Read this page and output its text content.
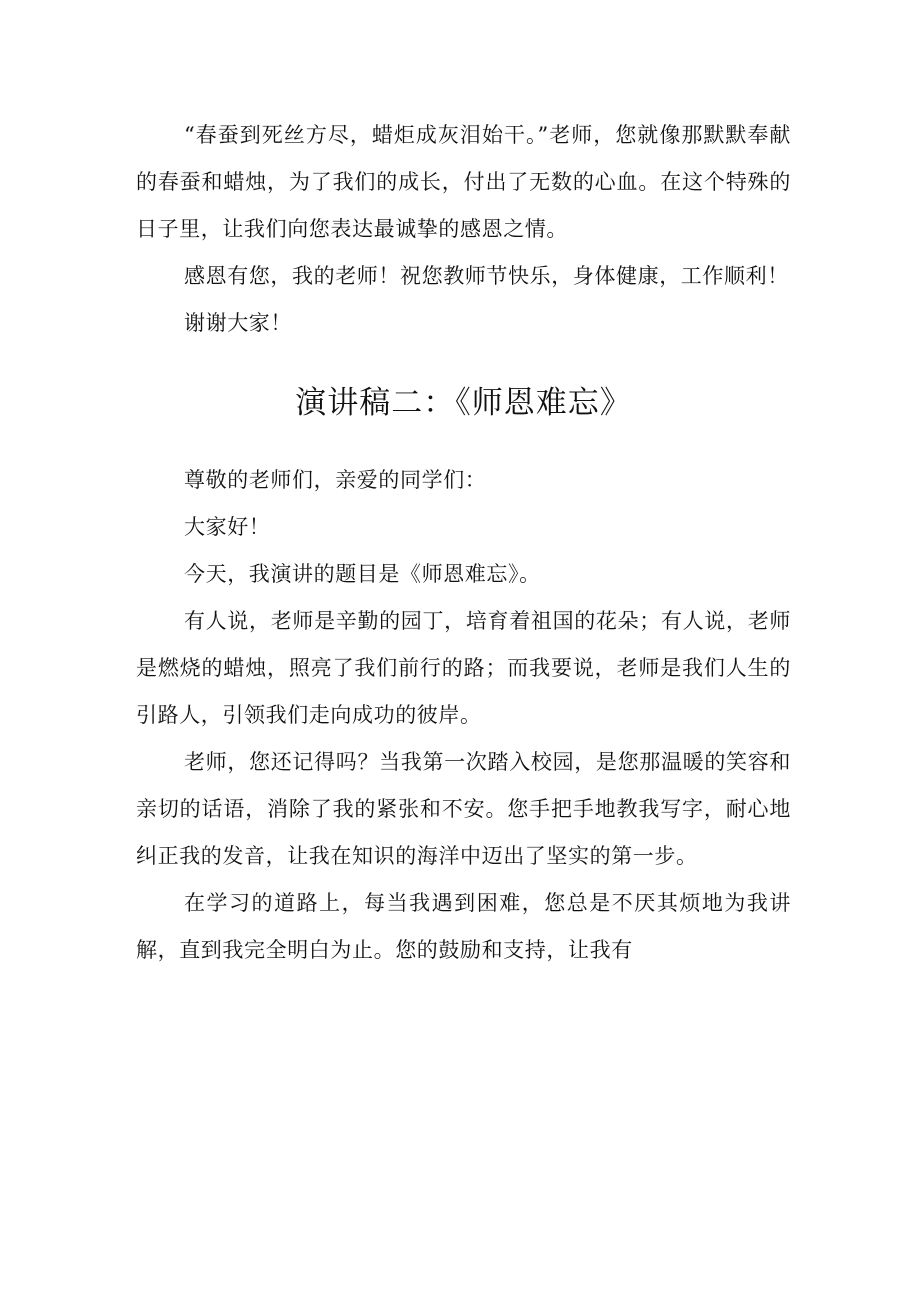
“春蚕到死丝方尽，蜡炬成灰泪始干。”老师，您就像那默默奉献的春蚕和蜡烛，为了我们的成长，付出了无数的心血。在这个特殊的日子里，让我们向您表达最诚挚的感恩之情。

感恩有您，我的老师！祝您教师节快乐，身体健康，工作顺利！

谢谢大家！

演讲稿二：《师恩难忘》

尊敬的老师们，亲爱的同学们：

大家好！

今天，我演讲的题目是《师恩难忘》。

有人说，老师是辛勤的园丁，培育着祖国的花朵；有人说，老师是燃烧的蜡烛，照亮了我们前行的路；而我要说，老师是我们人生的引路人，引领我们走向成功的彼岸。

老师，您还记得吗？当我第一次踏入校园，是您那温暖的笑容和亲切的话语，消除了我的紧张和不安。您手把手地教我写字，耐心地纠正我的发音，让我在知识的海洋中迈出了坚实的第一步。

在学习的道路上，每当我遇到困难，您总是不厌其烦地为我讲解，直到我完全明白为止。您的鼓励和支持，让我有
